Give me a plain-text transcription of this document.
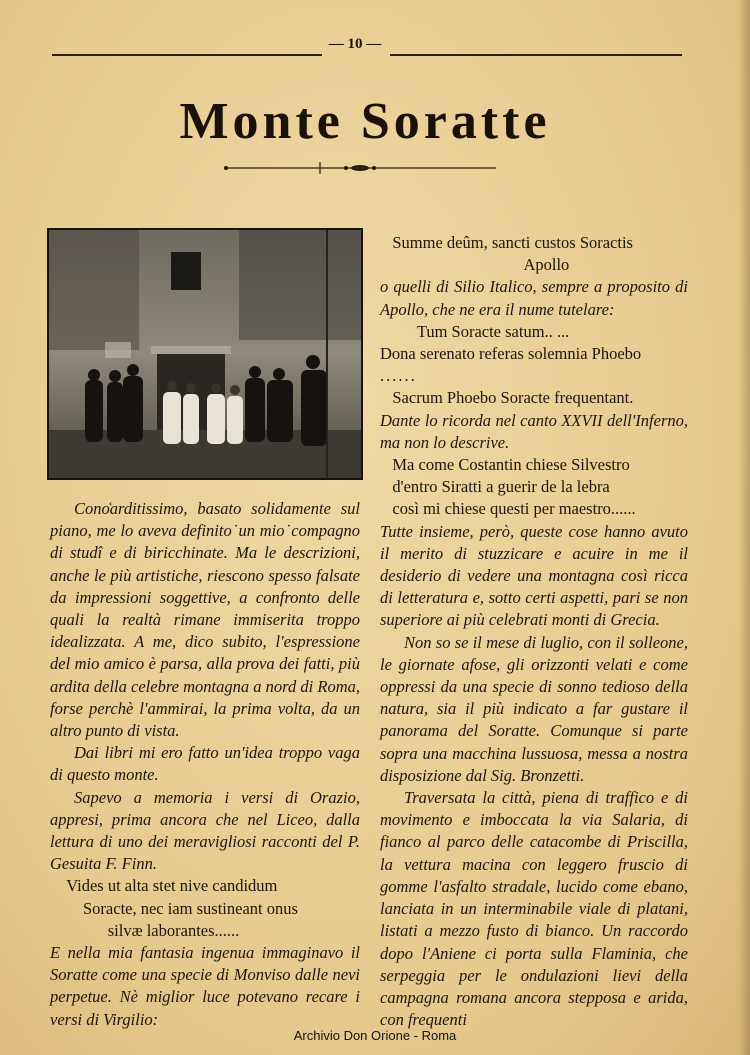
— 10 —
Monte Soratte

Cono᷾arditissimo, basato solidamente sul piano, me lo aveva definito˙un mio˙compagno di studî e di biricchinate. Ma le descrizioni, anche le più artistiche, riescono spesso falsate da impressioni soggettive, a confronto delle quali la realtà rimane immiserita troppo idealizzata. A me, dico subito, l'espressione del mio amico è parsa, alla prova dei fatti, più ardita della celebre montagna a nord di Roma, forse perchè l'ammirai, la prima volta, da un altro punto di vista.

Dai libri mi ero fatto un'idea troppo vaga di questo monte.

Sapevo a memoria i versi di Orazio, appresi, prima ancora che nel Liceo, dalla lettura di uno dei meravigliosi racconti del P. Gesuita F. Finn.

Vides ut alta stet nive candidum
Soracte, nec iam sustineant onus
silvæ laborantes......

E nella mia fantasia ingenua immaginavo il Soratte come una specie di Monviso dalle nevi perpetue. Nè miglior luce potevano recare i versi di Virgilio:

Summe deûm, sancti custos Soractis
Apollo

o quelli di Silio Italico, sempre a proposito di Apollo, che ne era il nume tutelare:

Tum Soracte satum.. ...
Dona serenato referas solemnia Phoebo

......

Sacrum Phoebo Soracte frequentant.

Dante lo ricorda nel canto XXVII dell'Inferno, ma non lo descrive.

Ma come Costantin chiese Silvestro
d'entro Siratti a guerir de la lebra
così mi chiese questi per maestro......

Tutte insieme, però, queste cose hanno avuto il merito di stuzzicare e acuire in me il desiderio di vedere una montagna così ricca di letteratura e, sotto certi aspetti, pari se non superiore ai più celebrati monti di Grecia.

Non so se il mese di luglio, con il solleone, le giornate afose, gli orizzonti velati e come oppressi da una specie di sonno tedioso della natura, sia il più indicato a far gustare il panorama del Soratte. Comunque si parte sopra una macchina lussuosa, messa a nostra disposizione dal Sig. Bronzetti.

Traversata la città, piena di traffico e di movimento e imboccata la via Salaria, di fianco al parco delle catacombe di Priscilla, la vettura macina con leggero fruscio di gomme l'asfalto stradale, lucido come ebano, lanciata in un interminabile viale di platani, listati a mezzo fusto di bianco. Un raccordo dopo l'Aniene ci porta sulla Flaminia, che serpeggia per le ondulazioni lievi della campagna romana ancora stepposa e arida, con frequenti

Archivio Don Orione - Roma
